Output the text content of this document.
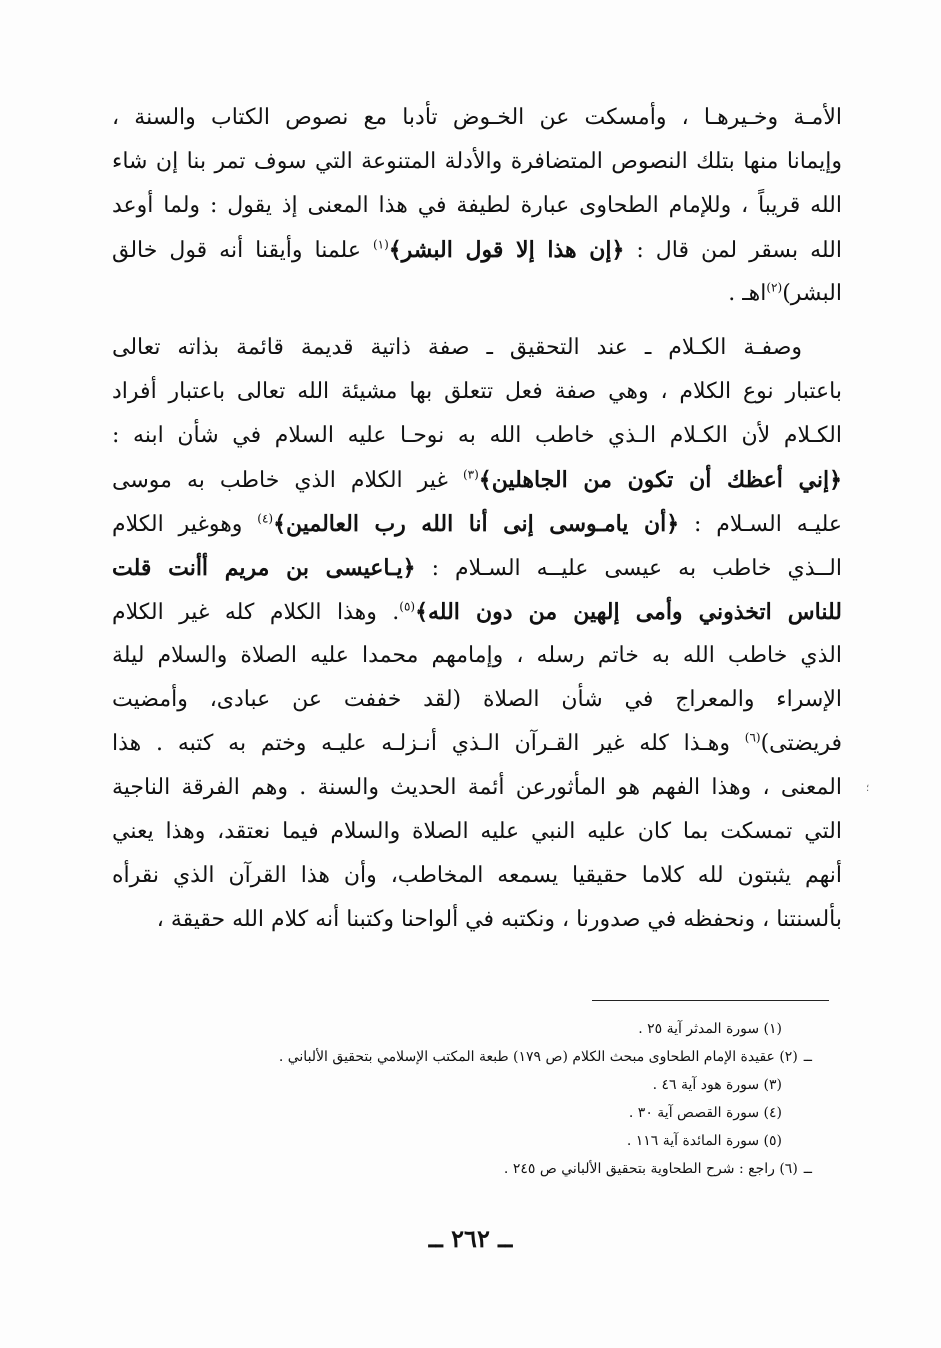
الأمـة وخـيرهـا ، وأمسكت عن الخـوض تأدبا مع نصوص الكتاب والسنة ،
وإيمانا منها بتلك النصوص المتضافرة والأدلة المتنوعة التي سوف تمر بنا إن شاء
الله قريباً ، وللإمام الطحاوى عبارة لطيفة في هذا المعنى إذ يقول : ولما أوعد
الله بسقر لمن قال : ﴿إن هذا إلا قول البشر﴾$^{(١)}$ علمنا وأيقنا أنه قول خالق
البشر)$^{(٢)}$اهـ .
وصفـة الكـلام ـ عند التحقيق ـ صفة ذاتية قديمة قائمة بذاته تعالى
باعتبار نوع الكلام ، وهي صفة فعل تتعلق بها مشيئة الله تعالى باعتبار أفراد
الكـلام لأن الكـلام الـذي خاطب الله به نوحـا عليه السلام في شأن ابنه :
﴿إني أعظك أن تكون من الجاهلين﴾$^{(٣)}$ غير الكلام الذي خاطب به موسى
عليـه السـلام : ﴿أن يامـوسى إنى أنا الله رب العالمين﴾$^{(٤)}$ وهوغير الكلام
الــذي خاطب به عيسى عليــه السـلام : ﴿يـاعيسى بن مريم أأنت قلت
للناس اتخذوني وأمى إلهين من دون الله﴾$^{(٥)}$. وهذا الكلام كله غير الكلام
الذي خاطب الله به خاتم رسله ، وإمامهم محمدا عليه الصلاة والسلام ليلة
الإسراء والمعراج في شأن الصلاة (لقد خففت عن عبادى، وأمضيت
فريضتى)$^{(٦)}$ وهـذا كله غير القـرآن الـذي أنـزلـه عليـه وختم به كتبه . هذا
المعنى ، وهذا الفهم هو المأثورعن أئمة الحديث والسنة . وهم الفرقة الناجية
التي تمسكت بما كان عليه النبي عليه الصلاة والسلام فيما نعتقد، وهذا يعني
أنهم يثبتون لله كلاما حقيقيا يسمعه المخاطب، وأن هذا القرآن الذي نقرأه
بألسنتنا ، ونحفظه في صدورنا ، ونكتبه في ألواحنا وكتبنا أنه كلام الله حقيقة ،
؛
(١) سورة المدثر آية ٢٥ .
ــ(٢) عقيدة الإمام الطحاوى مبحث الكلام (ص ١٧٩) طبعة المكتب الإسلامي بتحقيق الألباني .
(٣) سورة هود آية ٤٦ .
(٤) سورة القصص آية ٣٠ .
(٥) سورة المائدة آية ١١٦ .
ــ(٦) راجع : شرح الطحاوية بتحقيق الألباني ص ٢٤٥ .
ــ ٢٦٢ ــ
